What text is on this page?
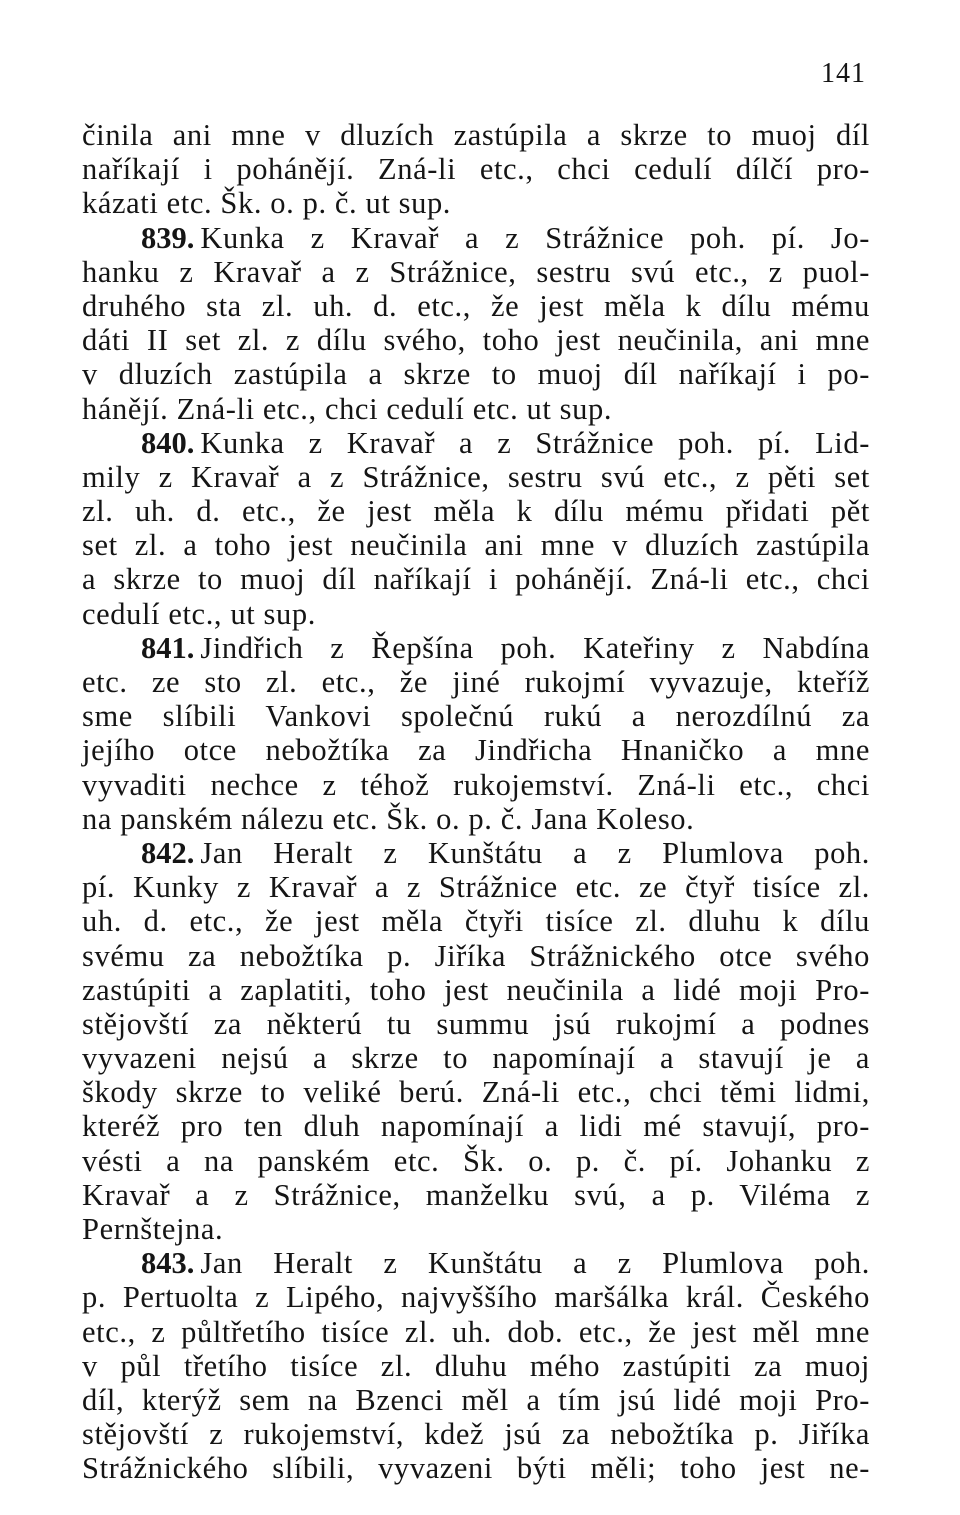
141
činila ani mne v dluzích zastúpila a skrze to muoj díl
naříkají i pohánějí. Zná-li etc., chci cedulí dílčí pro-
kázati etc. Šk. o. p. č. ut sup.
839. Kunka z Kravař a z Strážnice poh. pí. Jo-
hanku z Kravař a z Strážnice, sestru svú etc., z puol-
druhého sta zl. uh. d. etc., že jest měla k dílu mému
dáti II set zl. z dílu svého, toho jest neučinila, ani mne
v dluzích zastúpila a skrze to muoj díl naříkají i po-
hánějí. Zná-li etc., chci cedulí etc. ut sup.
840. Kunka z Kravař a z Strážnice poh. pí. Lid-
mily z Kravař a z Strážnice, sestru svú etc., z pěti set
zl. uh. d. etc., že jest měla k dílu mému přidati pět
set zl. a toho jest neučinila ani mne v dluzích zastúpila
a skrze to muoj díl naříkají i pohánějí. Zná-li etc., chci
cedulí etc., ut sup.
841. Jindřich z Řepšína poh. Kateřiny z Nabdína
etc. ze sto zl. etc., že jiné rukojmí vyvazuje, kteříž
sme slíbili Vankovi společnú rukú a nerozdílnú za
jejího otce nebožtíka za Jindřicha Hnaničko a mne
vyvaditi nechce z téhož rukojemství. Zná-li etc., chci
na panském nálezu etc. Šk. o. p. č. Jana Koleso.
842. Jan Heralt z Kunštátu a z Plumlova poh.
pí. Kunky z Kravař a z Strážnice etc. ze čtyř tisíce zl.
uh. d. etc., že jest měla čtyři tisíce zl. dluhu k dílu
svému za nebožtíka p. Jiříka Strážnického otce svého
zastúpiti a zaplatiti, toho jest neučinila a lidé moji Pro-
stějovští za některú tu summu jsú rukojmí a podnes
vyvazeni nejsú a skrze to napomínají a stavují je a
škody skrze to veliké berú. Zná-li etc., chci těmi lidmi,
kteréž pro ten dluh napomínají a lidi mé stavují, pro-
vésti a na panském etc. Šk. o. p. č. pí. Johanku z
Kravař a z Strážnice, manželku svú, a p. Viléma z
Pernštejna.
843. Jan Heralt z Kunštátu a z Plumlova poh.
p. Pertuolta z Lipého, najvyššího maršálka král. Českého
etc., z půltřetího tisíce zl. uh. dob. etc., že jest měl mne
v půl třetího tisíce zl. dluhu mého zastúpiti za muoj
díl, kterýž sem na Bzenci měl a tím jsú lidé moji Pro-
stějovští z rukojemství, kdež jsú za nebožtíka p. Jiříka
Strážnického slíbili, vyvazeni býti měli; toho jest ne-
